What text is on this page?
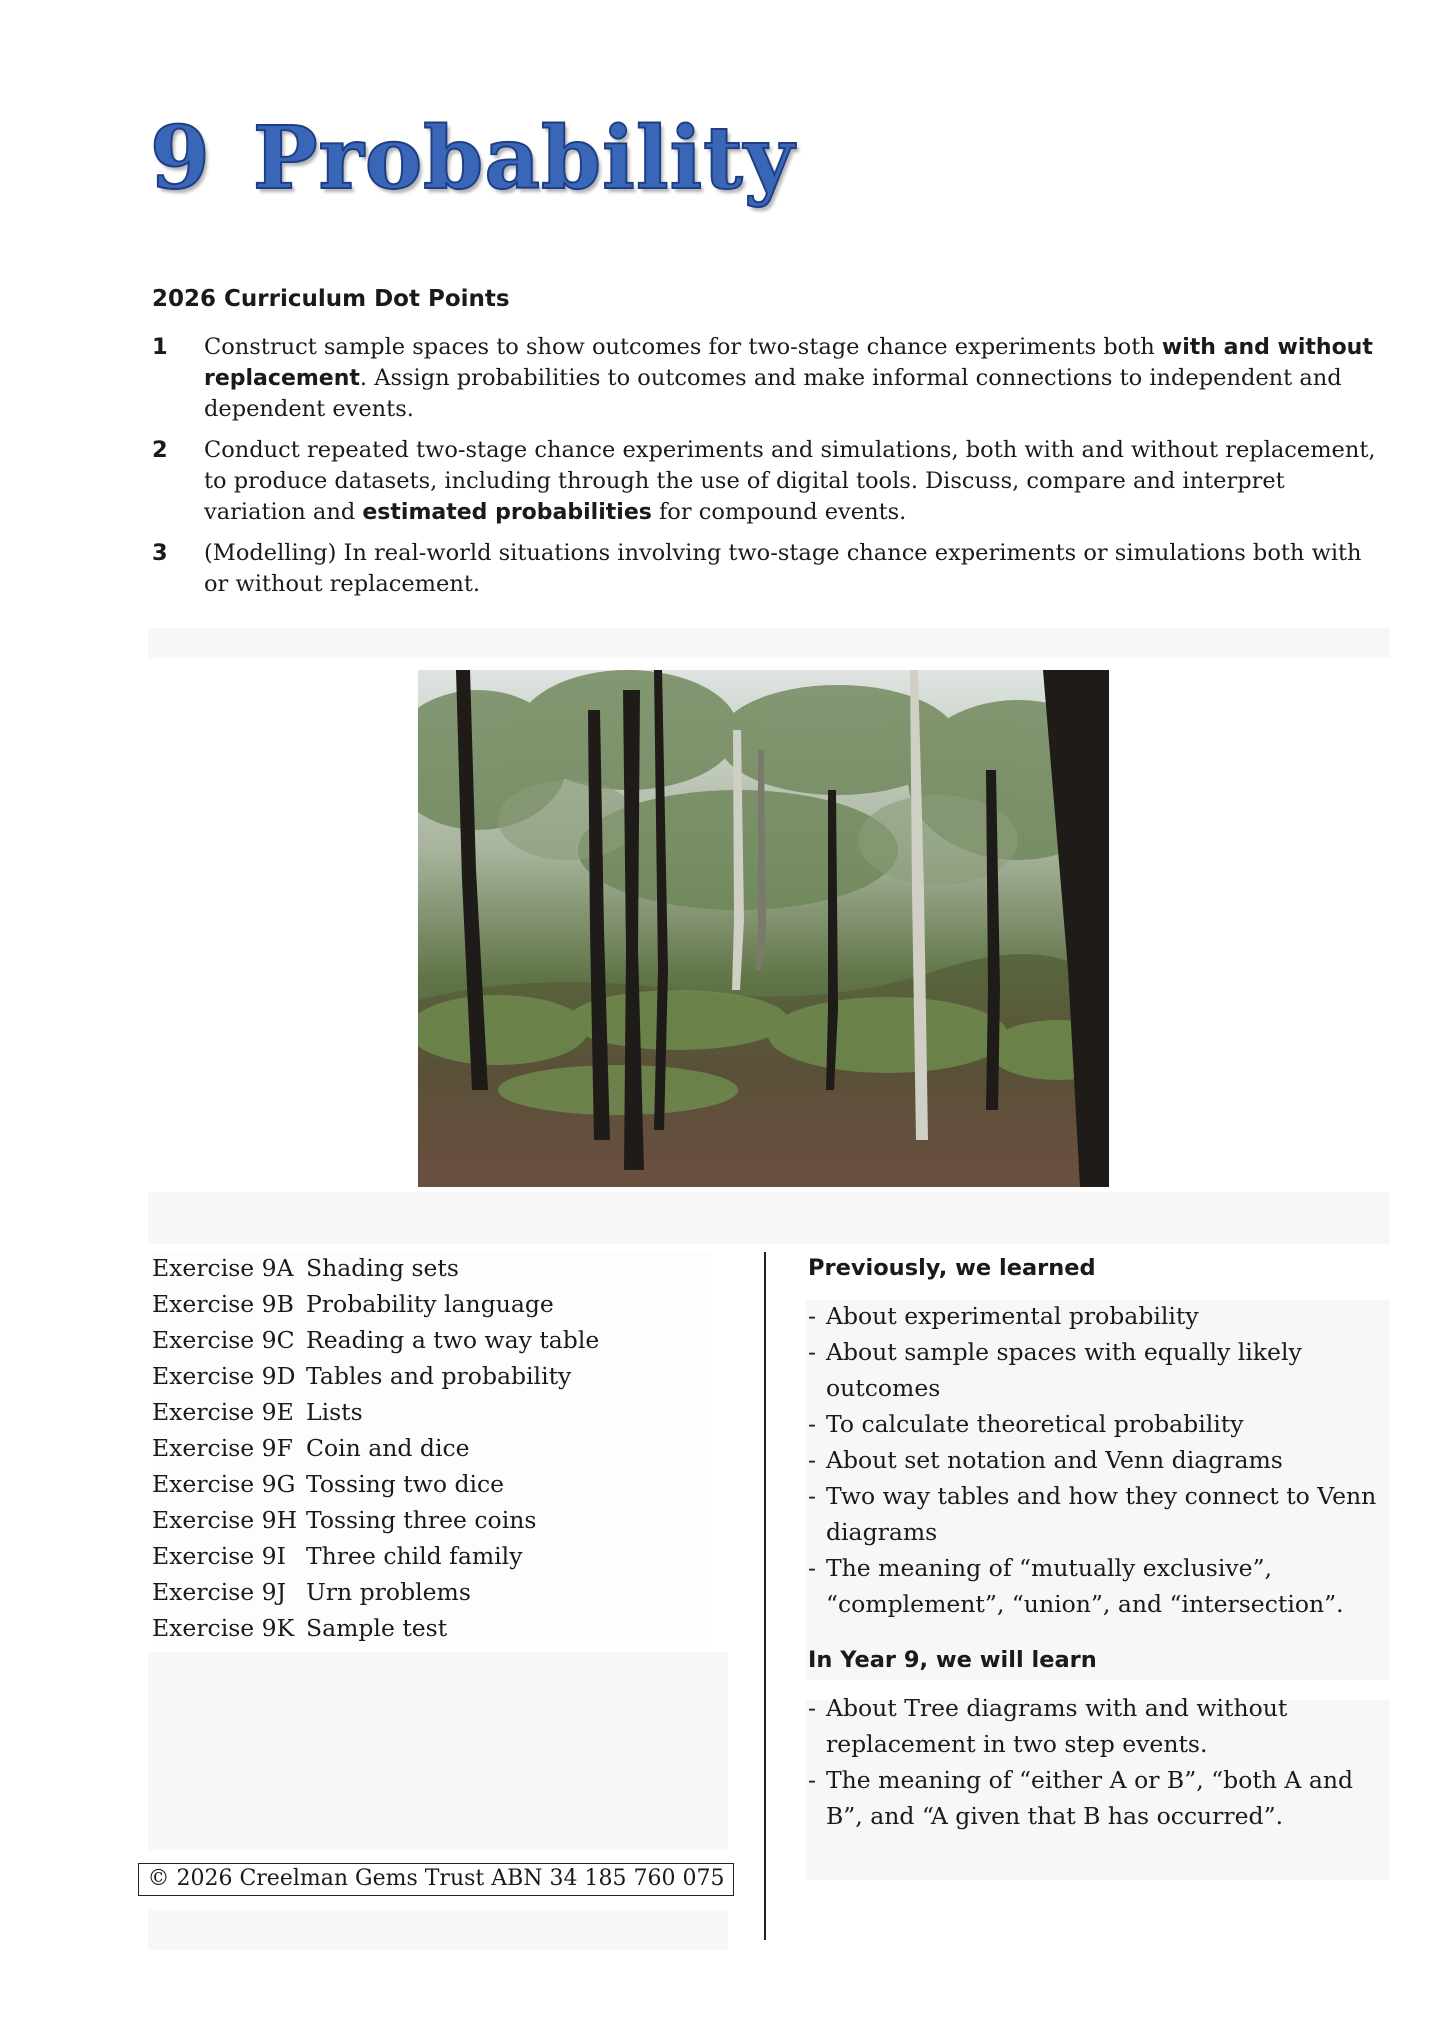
9 Probability

2026 Curriculum Dot Points

1	Construct sample spaces to show outcomes for two-stage chance experiments both with and without replacement. Assign probabilities to outcomes and make informal connections to independent and dependent events.
2	Conduct repeated two-stage chance experiments and simulations, both with and without replacement, to produce datasets, including through the use of digital tools. Discuss, compare and interpret variation and estimated probabilities for compound events.
3	(Modelling) In real-world situations involving two-stage chance experiments or simulations both with or without replacement.
Exercise 9A Shading sets
Exercise 9B Probability language
Exercise 9C Reading a two way table
Exercise 9D Tables and probability
Exercise 9E Lists
Exercise 9F Coin and dice
Exercise 9G Tossing two dice
Exercise 9H Tossing three coins
Exercise 9I Three child family
Exercise 9J Urn problems
Exercise 9K Sample test

Previously, we learned

- About experimental probability
- About sample spaces with equally likely outcomes
- To calculate theoretical probability
- About set notation and Venn diagrams
- Two way tables and how they connect to Venn diagrams
- The meaning of “mutually exclusive”, “complement”, “union”, and “intersection”.

In Year 9, we will learn

- About Tree diagrams with and without replacement in two step events.
- The meaning of “either A or B”, “both A and B”, and “A given that B has occurred”.
© 2026 Creelman Gems Trust ABN 34 185 760 075
